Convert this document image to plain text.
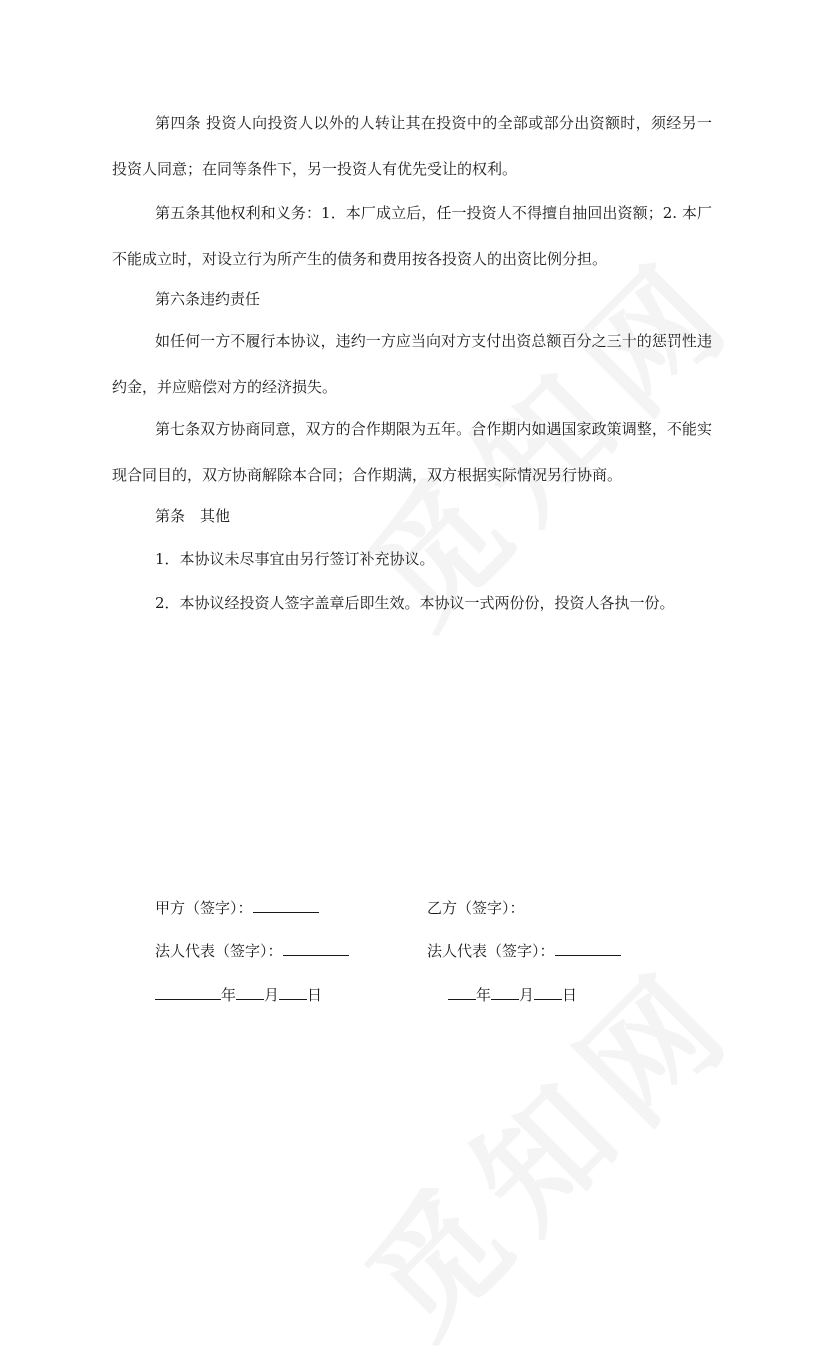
第四条 投资人向投资人以外的人转让其在投资中的全部或部分出资额时，须经另一投资人同意；在同等条件下，另一投资人有优先受让的权利。
第五条其他权利和义务：1．本厂成立后，任一投资人不得擅自抽回出资额；2. 本厂不能成立时，对设立行为所产生的债务和费用按各投资人的出资比例分担。
第六条违约责任
如任何一方不履行本协议，违约一方应当向对方支付出资总额百分之三十的惩罚性违约金，并应赔偿对方的经济损失。
第七条双方协商同意，双方的合作期限为五年。合作期内如遇国家政策调整，不能实现合同目的，双方协商解除本合同；合作期满，双方根据实际情况另行协商。
第条　其他
1．本协议未尽事宜由另行签订补充协议。
2．本协议经投资人签字盖章后即生效。本协议一式两份份，投资人各执一份。
甲方（签字）：	乙方（签字）：
法人代表（签字）：	法人代表（签字）：
年 月 日	年 月 日
